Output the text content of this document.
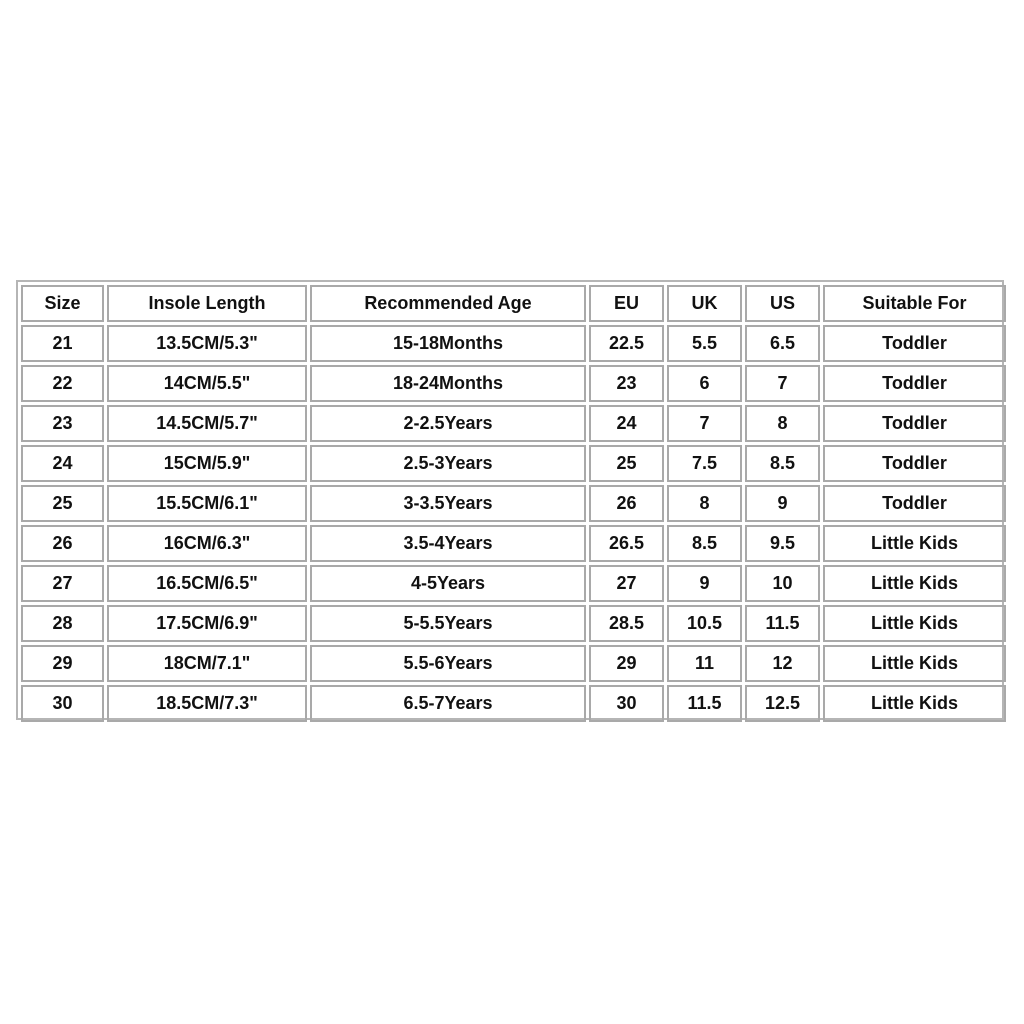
Size	Insole Length	Recommended Age	EU	UK	US	Suitable For
21	13.5CM/5.3"	15-18Months	22.5	5.5	6.5	Toddler
22	14CM/5.5"	18-24Months	23	6	7	Toddler
23	14.5CM/5.7"	2-2.5Years	24	7	8	Toddler
24	15CM/5.9"	2.5-3Years	25	7.5	8.5	Toddler
25	15.5CM/6.1"	3-3.5Years	26	8	9	Toddler
26	16CM/6.3"	3.5-4Years	26.5	8.5	9.5	Little Kids
27	16.5CM/6.5"	4-5Years	27	9	10	Little Kids
28	17.5CM/6.9"	5-5.5Years	28.5	10.5	11.5	Little Kids
29	18CM/7.1"	5.5-6Years	29	11	12	Little Kids
30	18.5CM/7.3"	6.5-7Years	30	11.5	12.5	Little Kids
